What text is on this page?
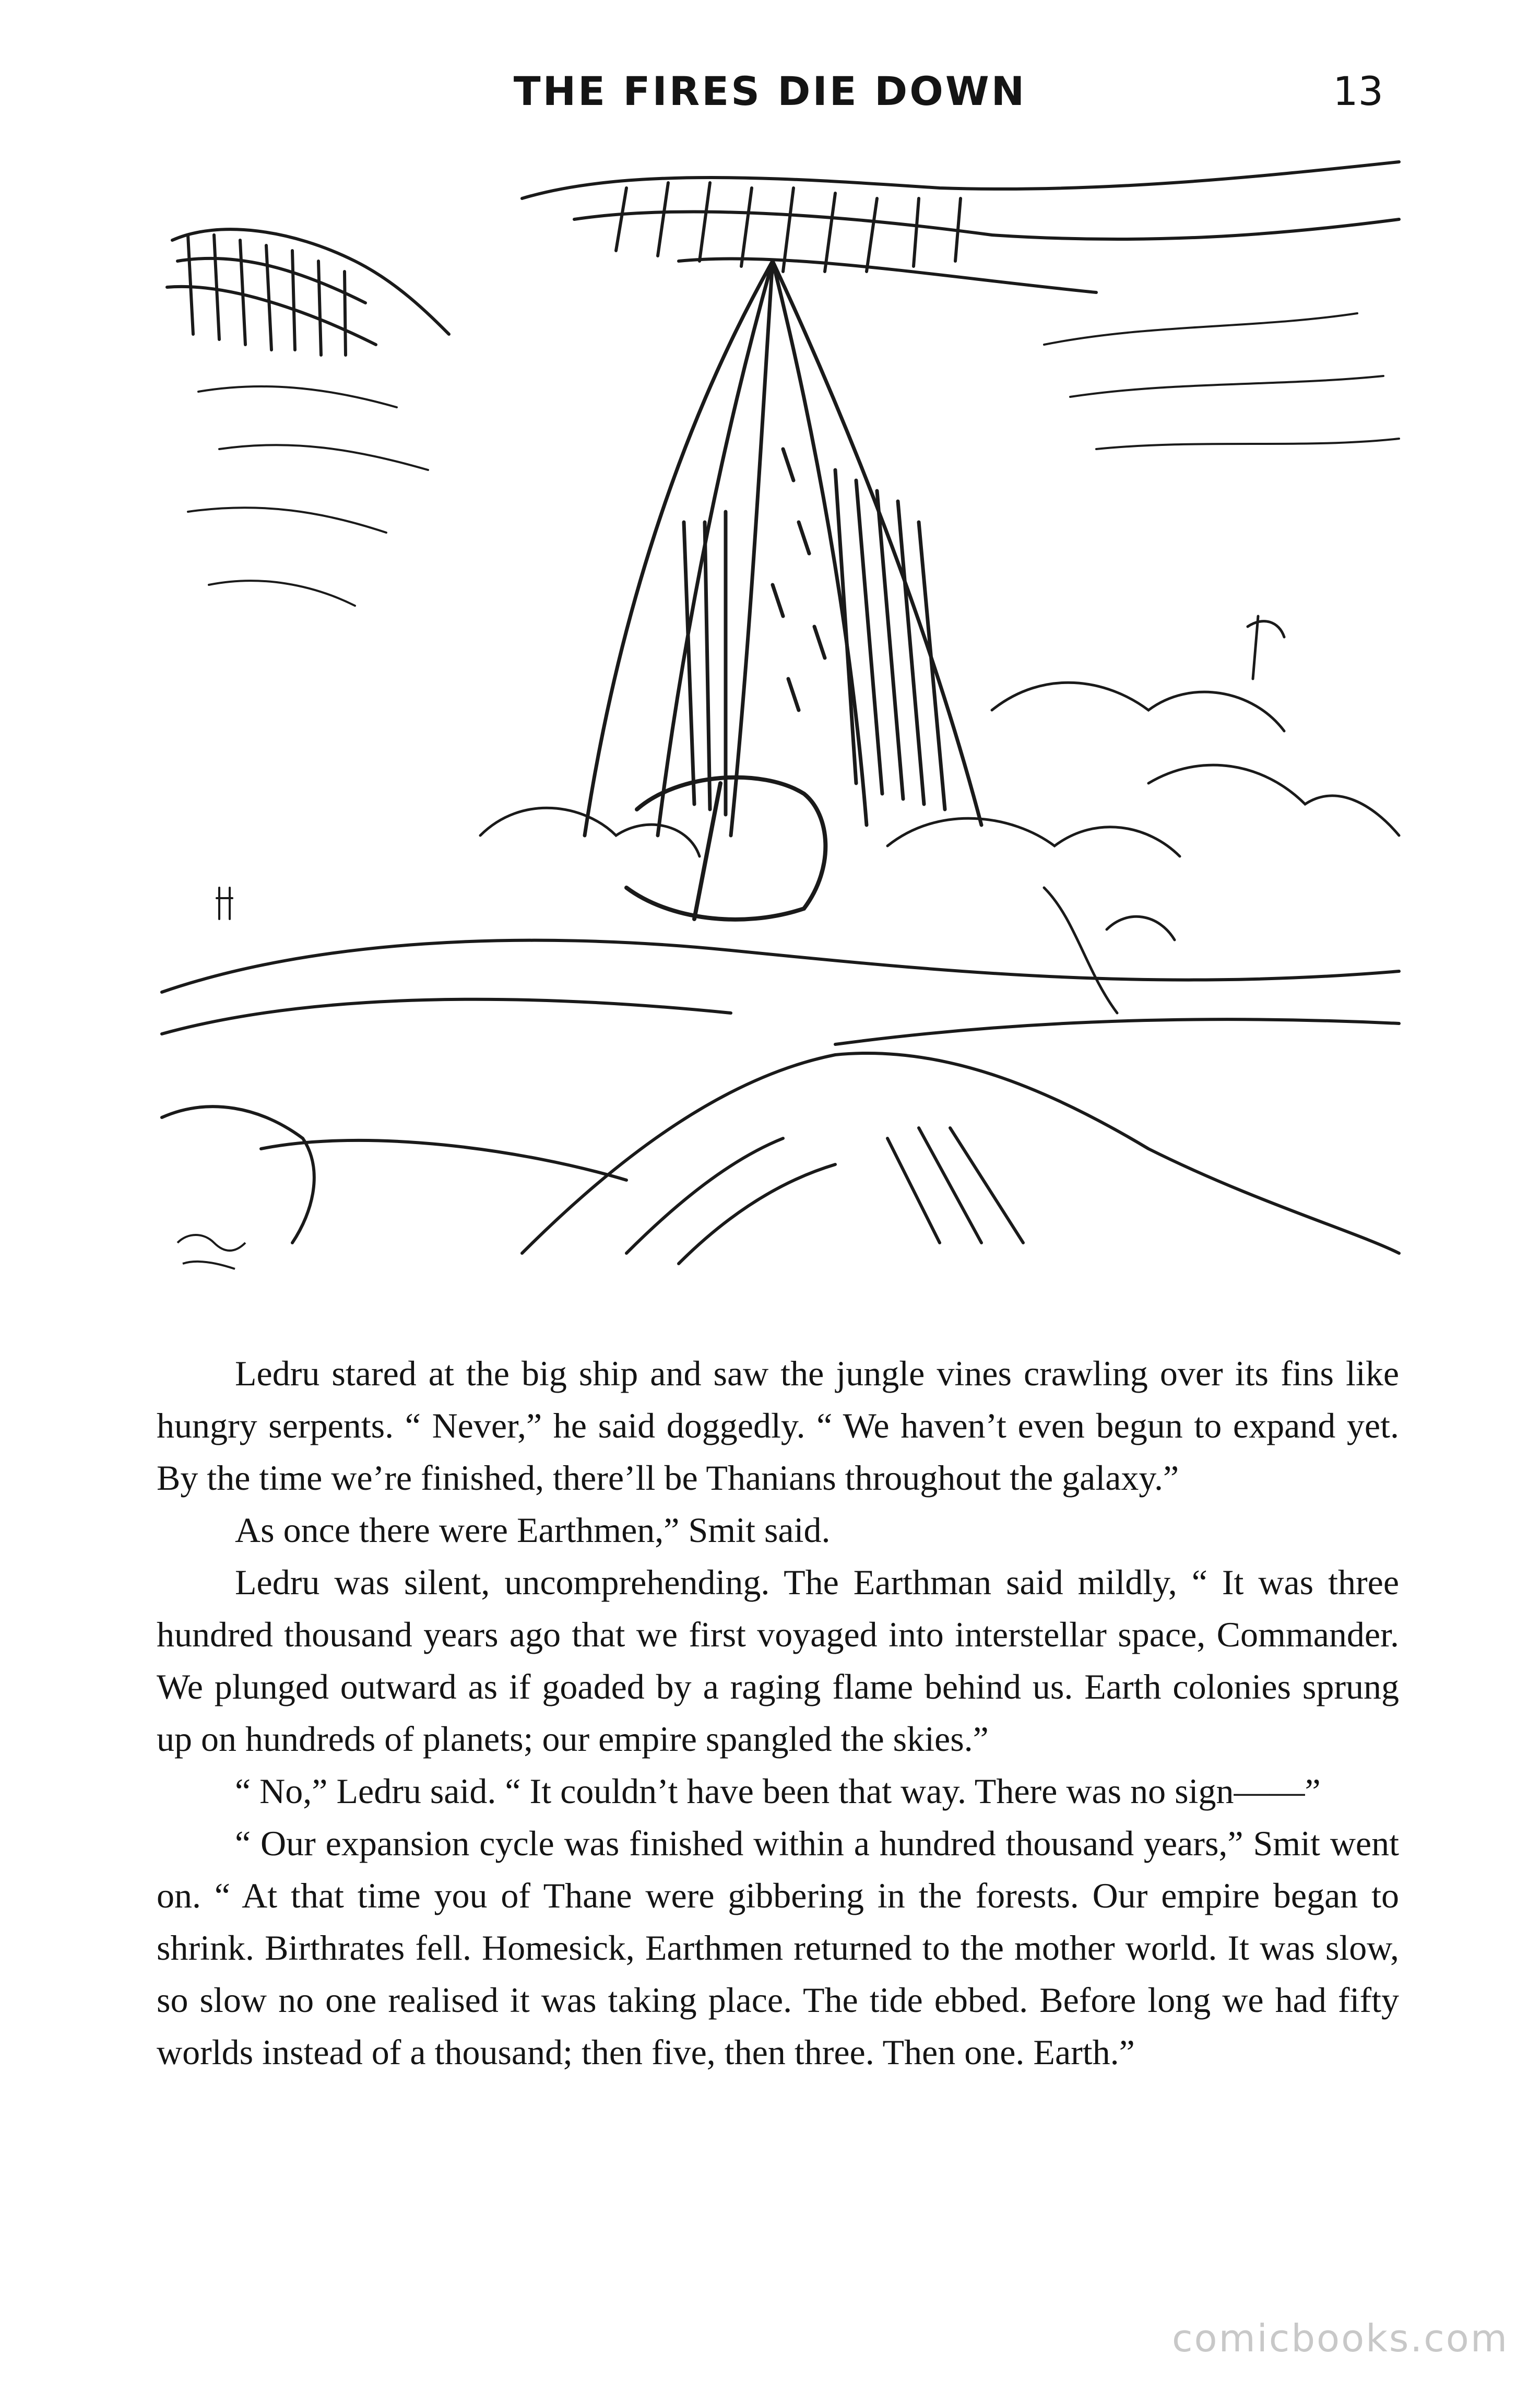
THE FIRES DIE DOWN	13

Ledru stared at the big ship and saw the jungle vines crawling over its fins like hungry serpents. “ Never,” he said doggedly. “ We haven’t even begun to expand yet. By the time we’re finished, there’ll be Thanians throughout the galaxy.”

As once there were Earthmen,” Smit said.

Ledru was silent, uncomprehending. The Earthman said mildly, “ It was three hundred thousand years ago that we first voyaged into interstellar space, Commander. We plunged outward as if goaded by a raging flame behind us. Earth colonies sprung up on hundreds of planets; our empire spangled the skies.”

“ No,” Ledru said. “ It couldn’t have been that way. There was no sign——”

“ Our expansion cycle was finished within a hundred thousand years,” Smit went on. “ At that time you of Thane were gibbering in the forests. Our empire began to shrink. Birthrates fell. Homesick, Earthmen returned to the mother world. It was slow, so slow no one realised it was taking place. The tide ebbed. Before long we had fifty worlds instead of a thousand; then five, then three. Then one. Earth.”

comicbooks.com
